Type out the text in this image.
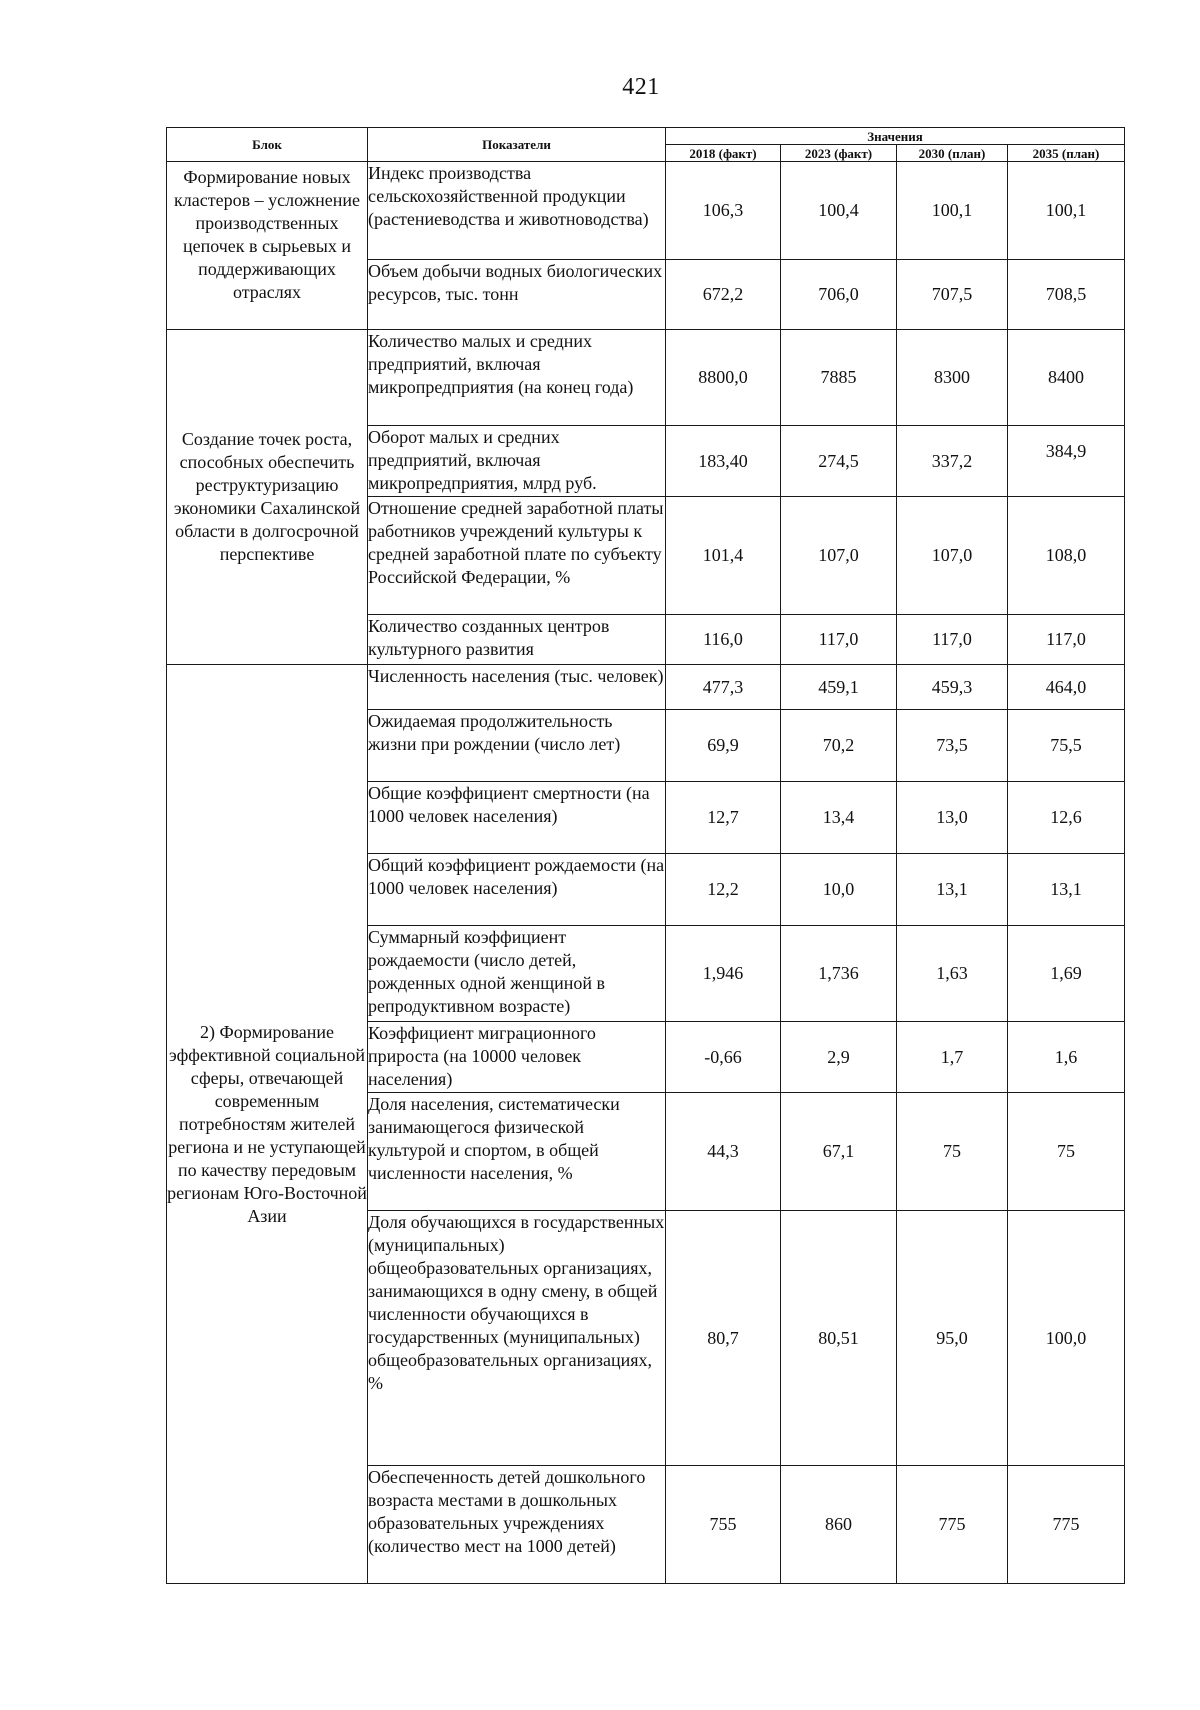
421
Блок	Показатели	Значения			
		2018 (факт)	2023 (факт)	2030 (план)	2035 (план)
Формирование новых кластеров – усложнение производственных цепочек в сырьевых и поддерживающих отраслях	Индекс производства сельскохозяйственной продукции (растениеводства и животноводства)	106,3	100,4	100,1	100,1
	Объем добычи водных биологических ресурсов, тыс. тонн	672,2	706,0	707,5	708,5
Создание точек роста, способных обеспечить реструктуризацию экономики Сахалинской области в долгосрочной перспективе	Количество малых и средних предприятий, включая микропредприятия (на конец года)	8800,0	7885	8300	8400
	Оборот малых и средних предприятий, включая микропредприятия, млрд руб.	183,40	274,5	337,2	384,9
	Отношение средней заработной платы работников учреждений культуры к средней заработной плате по субъекту Российской Федерации, %	101,4	107,0	107,0	108,0
	Количество созданных центров культурного развития	116,0	117,0	117,0	117,0
2) Формирование эффективной социальной сферы, отвечающей современным потребностям жителей региона и не уступающей по качеству передовым регионам Юго-Восточной Азии	Численность населения (тыс. человек)	477,3	459,1	459,3	464,0
	Ожидаемая продолжительность жизни при рождении (число лет)	69,9	70,2	73,5	75,5
	Общие коэффициент смертности (на 1000 человек населения)	12,7	13,4	13,0	12,6
	Общий коэффициент рождаемости (на 1000 человек населения)	12,2	10,0	13,1	13,1
	Суммарный коэффициент рождаемости (число детей, рожденных одной женщиной в репродуктивном возрасте)	1,946	1,736	1,63	1,69
	Коэффициент миграционного прироста (на 10000 человек населения)	-0,66	2,9	1,7	1,6
	Доля населения, систематически занимающегося физической культурой и спортом, в общей численности населения, %	44,3	67,1	75	75
	Доля обучающихся в государственных (муниципальных) общеобразовательных организациях, занимающихся в одну смену, в общей численности обучающихся в государственных (муниципальных) общеобразовательных организациях, %	80,7	80,51	95,0	100,0
	Обеспеченность детей дошкольного возраста местами в дошкольных образовательных учреждениях (количество мест на 1000 детей)	755	860	775	775
